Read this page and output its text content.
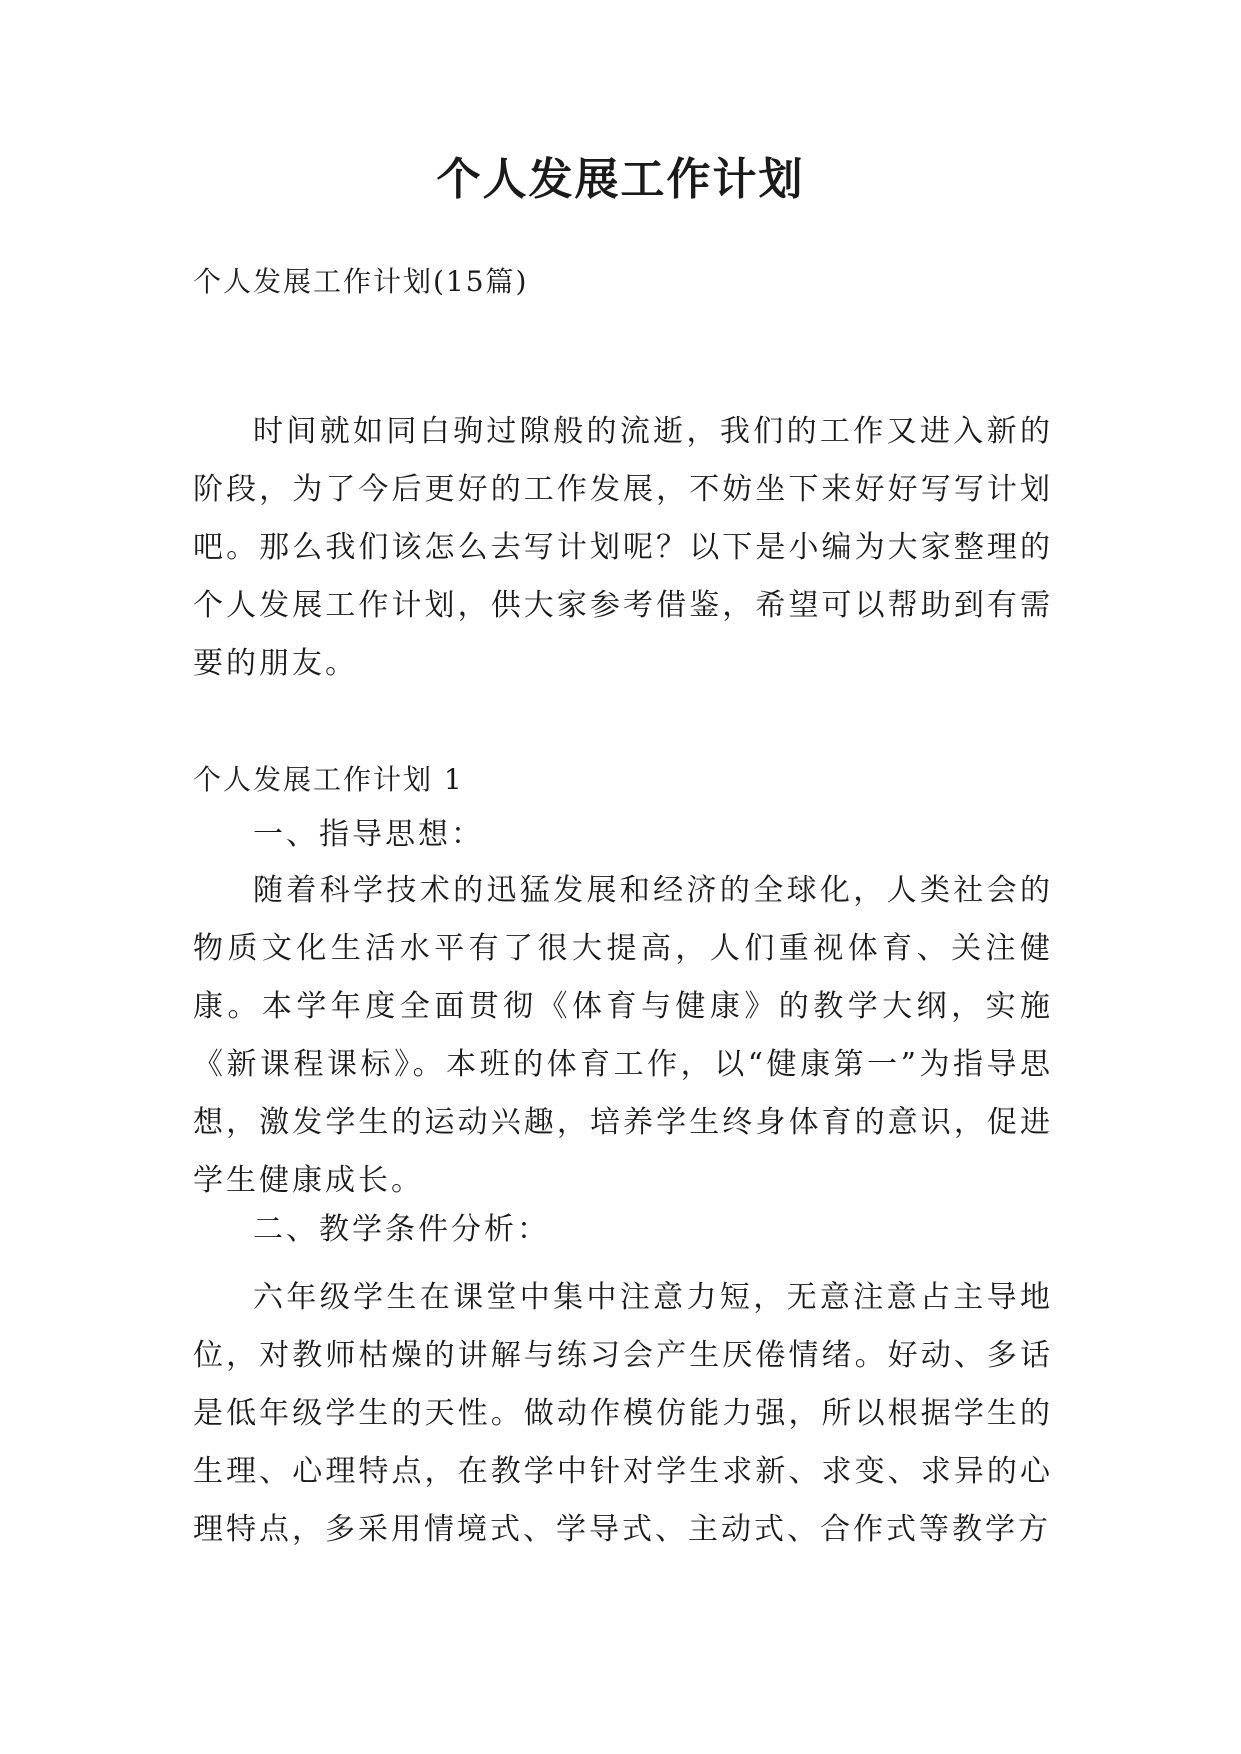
个人发展工作计划

个人发展工作计划(15篇)

时间就如同白驹过隙般的流逝，我们的工作又进入新的阶段，为了今后更好的工作发展，不妨坐下来好好写写计划吧。那么我们该怎么去写计划呢？以下是小编为大家整理的个人发展工作计划，供大家参考借鉴，希望可以帮助到有需要的朋友。

个人发展工作计划 1

一、指导思想：

随着科学技术的迅猛发展和经济的全球化，人类社会的物质文化生活水平有了很大提高，人们重视体育、关注健康。本学年度全面贯彻《体育与健康》的教学大纲，实施《新课程课标》。本班的体育工作，以“健康第一”为指导思想，激发学生的运动兴趣，培养学生终身体育的意识，促进学生健康成长。

二、教学条件分析：

六年级学生在课堂中集中注意力短，无意注意占主导地位，对教师枯燥的讲解与练习会产生厌倦情绪。好动、多话是低年级学生的天性。做动作模仿能力强，所以根据学生的生理、心理特点，在教学中针对学生求新、求变、求异的心理特点，多采用情境式、学导式、主动式、合作式等教学方
